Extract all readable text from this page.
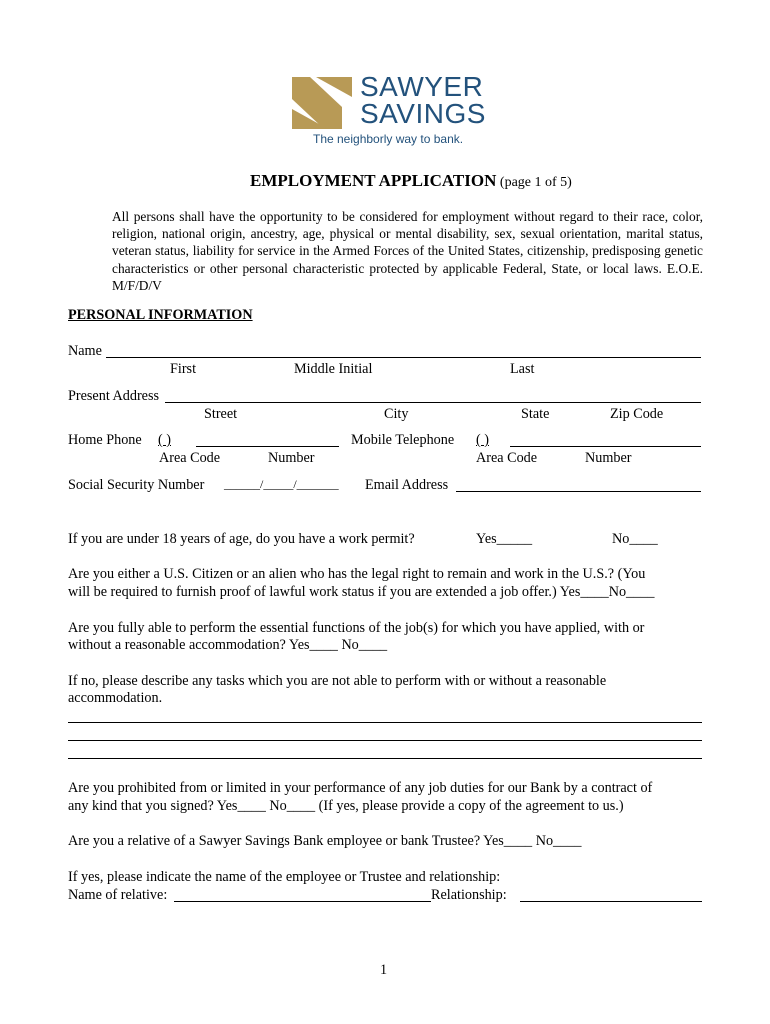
SAWYER
SAVINGS
The neighborly way to bank.
EMPLOYMENT APPLICATION (page 1 of 5)
All persons shall have the opportunity to be considered for employment without regard to their race, color, religion, national origin, ancestry, age, physical or mental disability, sex, sexual orientation, marital status, veteran status, liability for service in the Armed Forces of the United States, citizenship, predisposing genetic characteristics or other personal characteristic protected by applicable Federal, State, or local laws. E.O.E. M/F/D/V
PERSONAL INFORMATION
Name
First	Middle Initial	Last
Present Address
Street	City	State	Zip Code
Home Phone ( )	Mobile Telephone ( )
Area Code	Number	Area Code	Number
Social Security Number ______/_____/_______ Email Address
If you are under 18 years of age, do you have a work permit?	Yes_____	No____
Are you either a U.S. Citizen or an alien who has the legal right to remain and work in the U.S.? (You
will be required to furnish proof of lawful work status if you are extended a job offer.) Yes____No____
Are you fully able to perform the essential functions of the job(s) for which you have applied, with or
without a reasonable accommodation? Yes____ No____
If no, please describe any tasks which you are not able to perform with or without a reasonable
accommodation.
Are you prohibited from or limited in your performance of any job duties for our Bank by a contract of
any kind that you signed? Yes____ No____ (If yes, please provide a copy of the agreement to us.)
Are you a relative of a Sawyer Savings Bank employee or bank Trustee? Yes____ No____
If yes, please indicate the name of the employee or Trustee and relationship:
Name of relative:	Relationship:
1
